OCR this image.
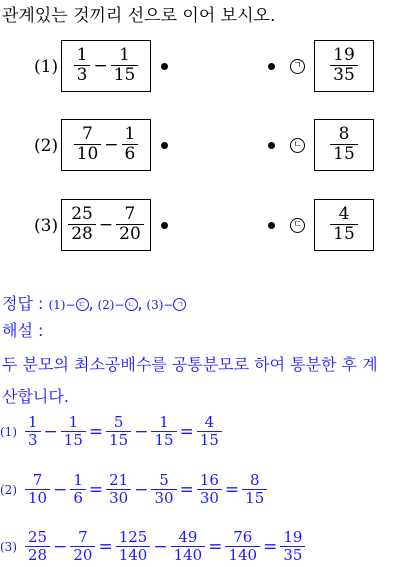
관계있는 것끼리 선으로 이어 보시오.
$(1) \frac{1}{3} - \frac{1}{15}$	ㄱ $\frac{19}{35}$
$(2) \frac{7}{10} - \frac{1}{6}$	ㄴ $\frac{8}{15}$
$(3) \frac{25}{28} - \frac{7}{20}$	ㄷ $\frac{4}{15}$
정답 : (1)− ㄷ , (2)− ㄴ , (3)− ㄱ
해설 :
두 분모의 최소공배수를 공통분모로 하여 통분한 후 계
산합니다.
$(1) \frac{1}{3} - \frac{1}{15} = \frac{5}{15} - \frac{1}{15} = \frac{4}{15}$
$(2) \frac{7}{10} - \frac{1}{6} = \frac{21}{30} - \frac{5}{30} = \frac{16}{30} = \frac{8}{15}$
$(3) \frac{25}{28} - \frac{7}{20} = \frac{125}{140} - \frac{49}{140} = \frac{76}{140} = \frac{19}{35}$
